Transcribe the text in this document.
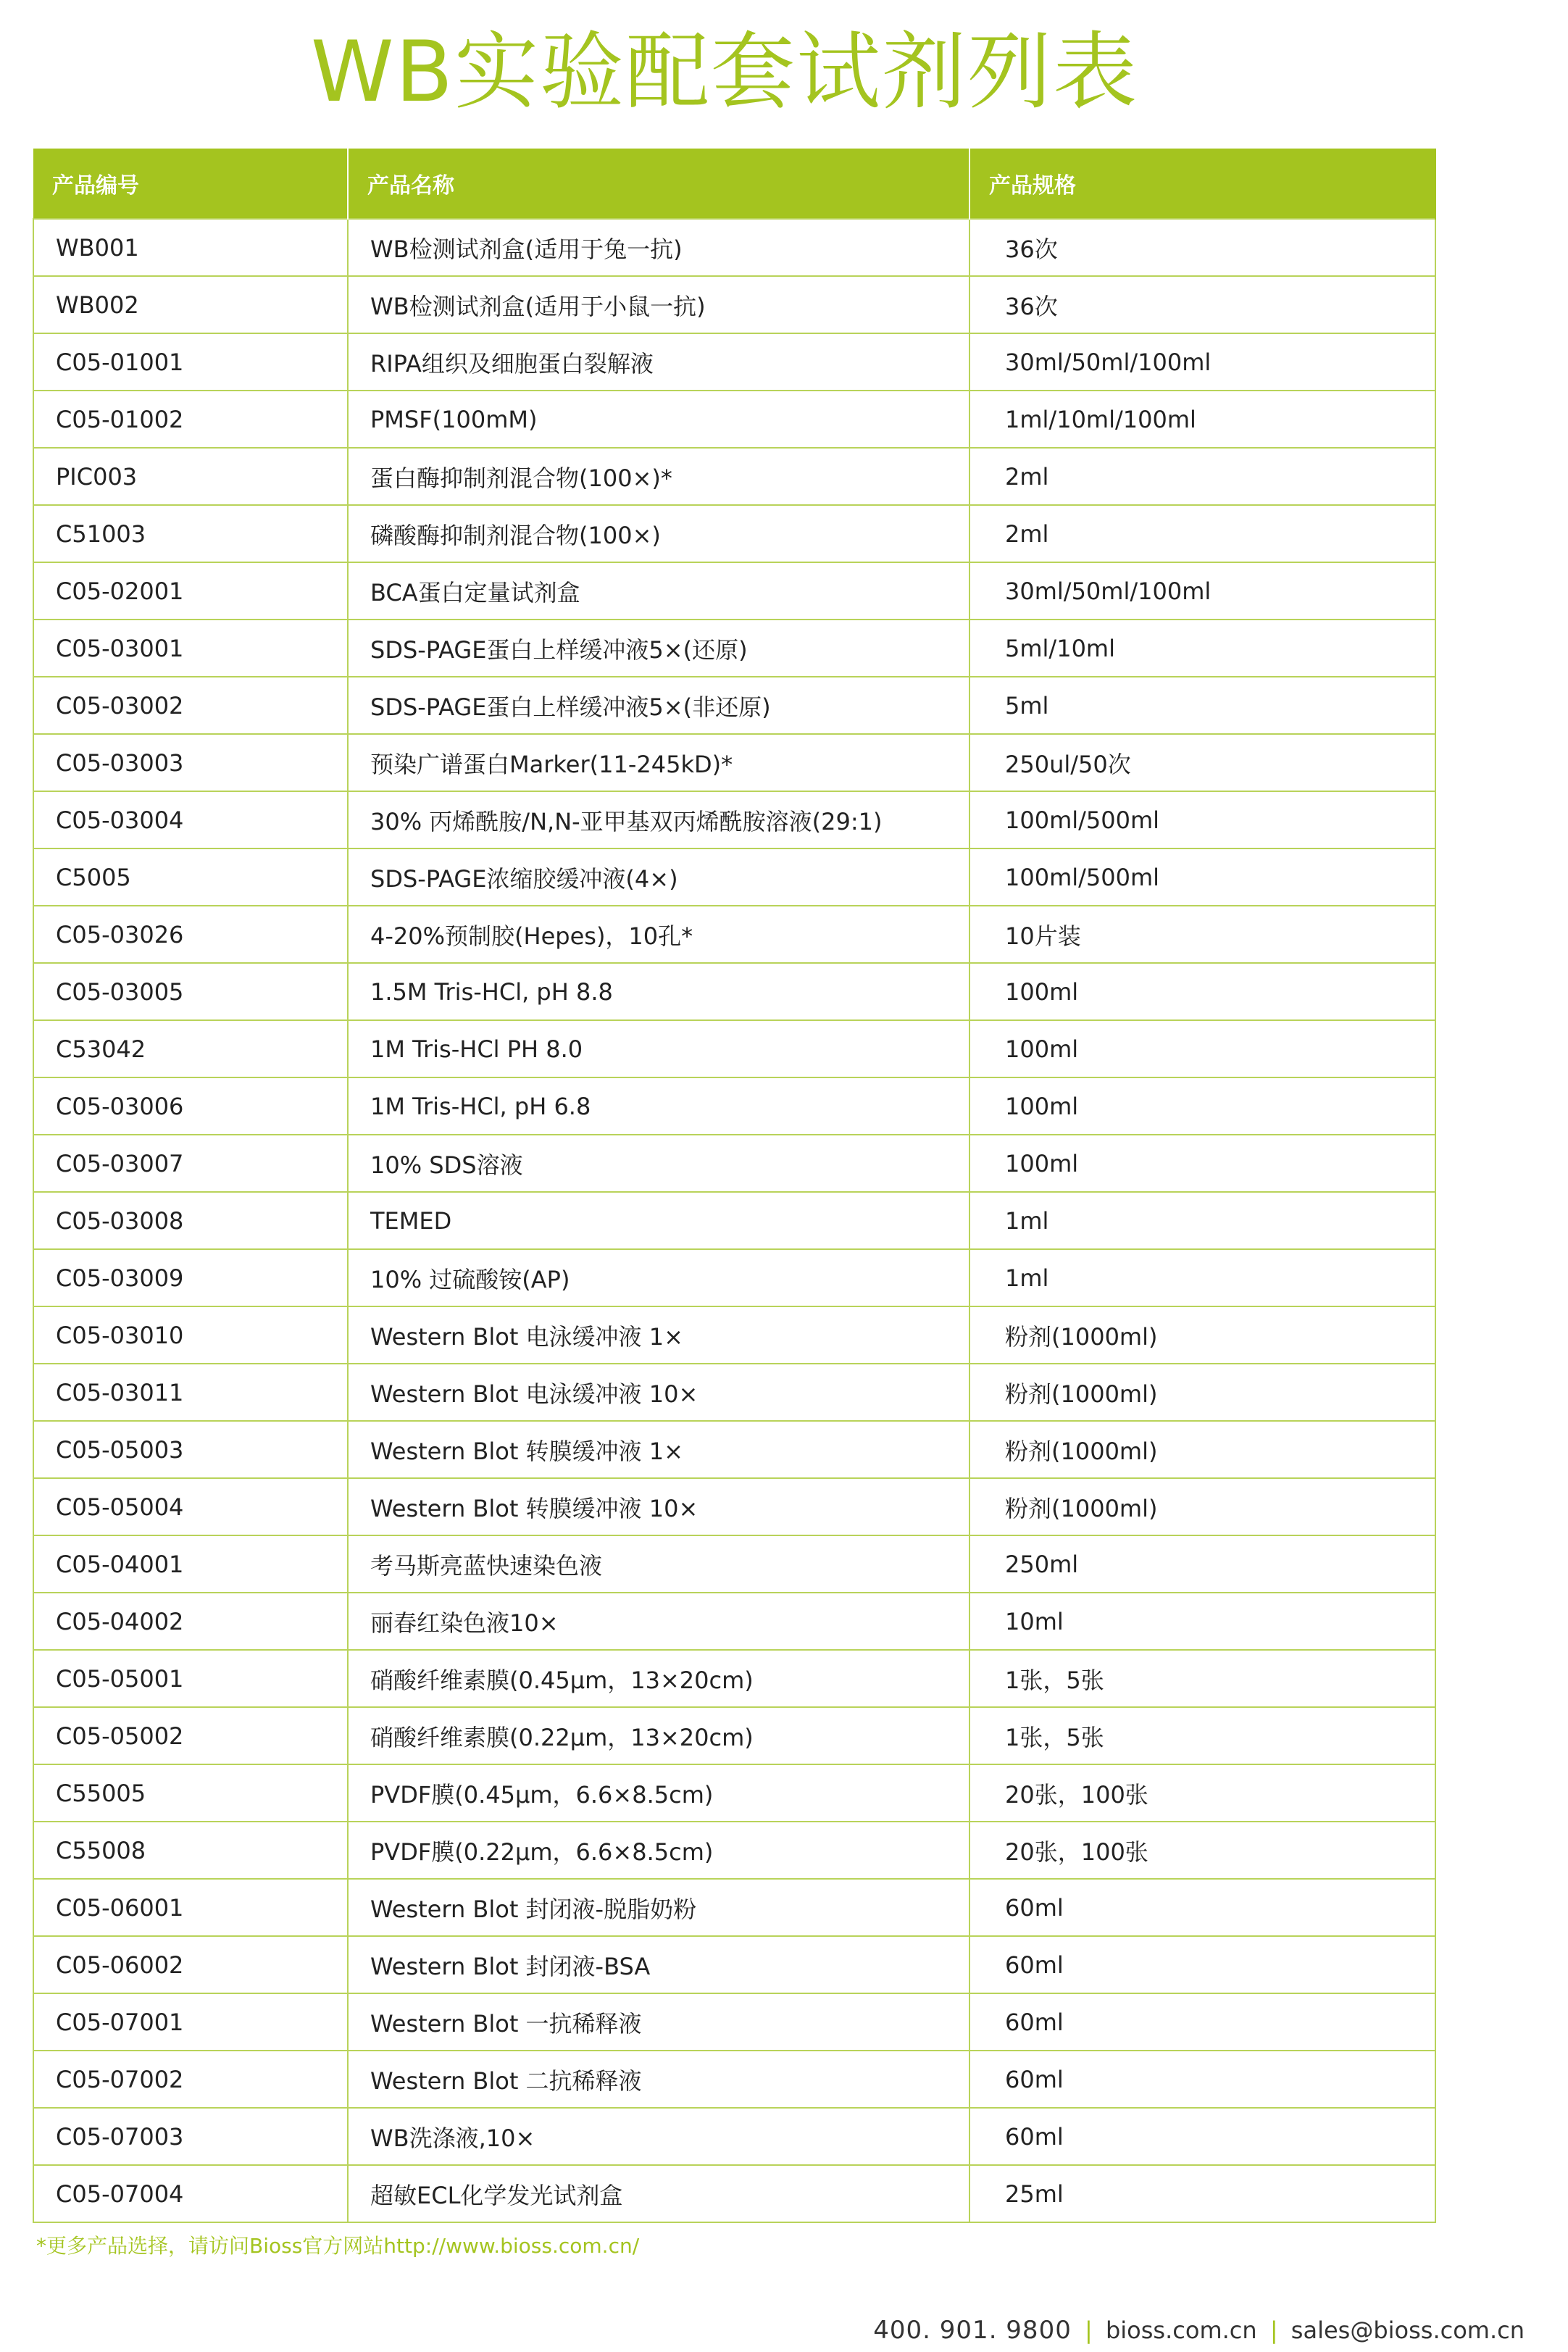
WB实验配套试剂列表
产品编号	产品名称	产品规格
WB001	WB检测试剂盒(适用于兔一抗)	36次
WB002	WB检测试剂盒(适用于小鼠一抗)	36次
C05-01001	RIPA组织及细胞蛋白裂解液	30ml/50ml/100ml
C05-01002	PMSF(100mM)	1ml/10ml/100ml
PIC003	蛋白酶抑制剂混合物(100×)*	2ml
C51003	磷酸酶抑制剂混合物(100×)	2ml
C05-02001	BCA蛋白定量试剂盒	30ml/50ml/100ml
C05-03001	SDS-PAGE蛋白上样缓冲液5×(还原)	5ml/10ml
C05-03002	SDS-PAGE蛋白上样缓冲液5×(非还原)	5ml
C05-03003	预染广谱蛋白Marker(11-245kD)*	250ul/50次
C05-03004	30% 丙烯酰胺/N,N-亚甲基双丙烯酰胺溶液(29:1)	100ml/500ml
C5005	SDS-PAGE浓缩胶缓冲液(4×)	100ml/500ml
C05-03026	4-20%预制胶(Hepes)，10孔*	10片装
C05-03005	1.5M Tris-HCl, pH 8.8	100ml
C53042	1M Tris-HCl PH 8.0	100ml
C05-03006	1M Tris-HCl, pH 6.8	100ml
C05-03007	10% SDS溶液	100ml
C05-03008	TEMED	1ml
C05-03009	10% 过硫酸铵(AP)	1ml
C05-03010	Western Blot 电泳缓冲液 1×	粉剂(1000ml)
C05-03011	Western Blot 电泳缓冲液 10×	粉剂(1000ml)
C05-05003	Western Blot 转膜缓冲液 1×	粉剂(1000ml)
C05-05004	Western Blot 转膜缓冲液 10×	粉剂(1000ml)
C05-04001	考马斯亮蓝快速染色液	250ml
C05-04002	丽春红染色液10×	10ml
C05-05001	硝酸纤维素膜(0.45μm，13×20cm)	1张，5张
C05-05002	硝酸纤维素膜(0.22μm，13×20cm)	1张，5张
C55005	PVDF膜(0.45μm，6.6×8.5cm)	20张，100张
C55008	PVDF膜(0.22μm，6.6×8.5cm)	20张，100张
C05-06001	Western Blot 封闭液-脱脂奶粉	60ml
C05-06002	Western Blot 封闭液-BSA	60ml
C05-07001	Western Blot 一抗稀释液	60ml
C05-07002	Western Blot 二抗稀释液	60ml
C05-07003	WB洗涤液,10×	60ml
C05-07004	超敏ECL化学发光试剂盒	25ml
*更多产品选择，请访问Bioss官方网站http://www.bioss.com.cn/
400. 901. 9800 | bioss.com.cn | sales@bioss.com.cn
